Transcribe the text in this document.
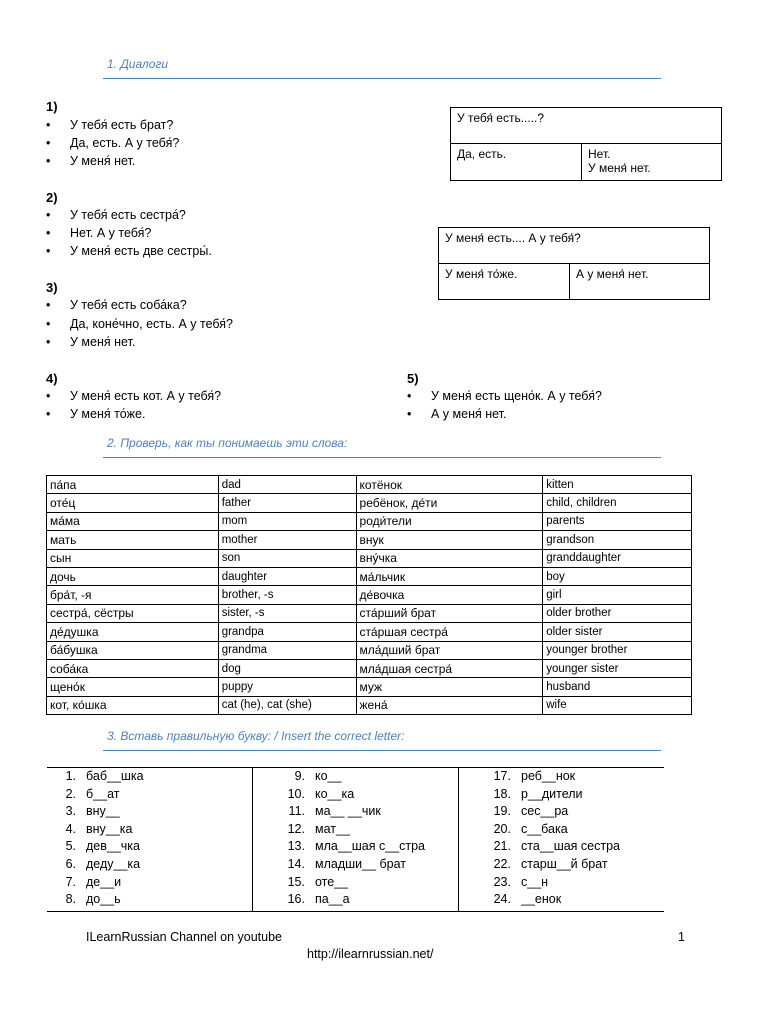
1. Диалоги
1)
• У тебя́ есть брат?
• Да, есть. А у тебя́?
• У меня́ нет.
2)
• У тебя́ есть сестра́?
• Нет. А у тебя́?
• У меня́ есть две сестры́.
3)
• У тебя́ есть соба́ка?
• Да, коне́чно, есть. А у тебя́?
• У меня́ нет.
4)
• У меня́ есть кот. А у тебя́?
• У меня́ то́же.
5)
• У меня́ есть щено́к. А у тебя́?
• А у меня́ нет.
У тебя́ есть.....?
Да, есть.	Нет.
У меня́ нет.
У меня́ есть.... А у тебя́?
У меня́ то́же.	А у меня́ нет.
2. Проверь, как ты понимаешь эти слова:
па́па	dad	котёнок	kitten
оте́ц	father	ребёнок, де́ти	child, children
ма́ма	mom	роди́тели	parents
мать	mother	внук	grandson
сын	son	вну́чка	granddaughter
дочь	daughter	ма́льчик	boy
бра́т, -я	brother, -s	де́вочка	girl
сестра́, сёстры	sister, -s	ста́рший брат	older brother
де́душка	grandpa	ста́ршая сестра́	older sister
ба́бушка	grandma	мла́дший брат	younger brother
соба́ка	dog	мла́дшая сестра́	younger sister
щено́к	puppy	муж	husband
кот, ко́шка	cat (he), cat (she)	жена́	wife
3. Вставь правильную букву: / Insert the correct letter:
1. баб__шка
2. б__ат
3. вну__
4. вну__ка
5. дев__чка
6. деду__ка
7. де__и
8. до__ь
9. ко__
10. ко__ка
11. ма__ __чик
12. мат__
13. мла__шая с__стра
14. младши__ брат
15. оте__
16. па__а
17. реб__нок
18. р__дители
19. сес__ра
20. с__бака
21. ста__шая сестра
22. старш__й брат
23. с__н
24. __енок
ILearnRussian Channel on youtube	1
http://ilearnrussian.net/
